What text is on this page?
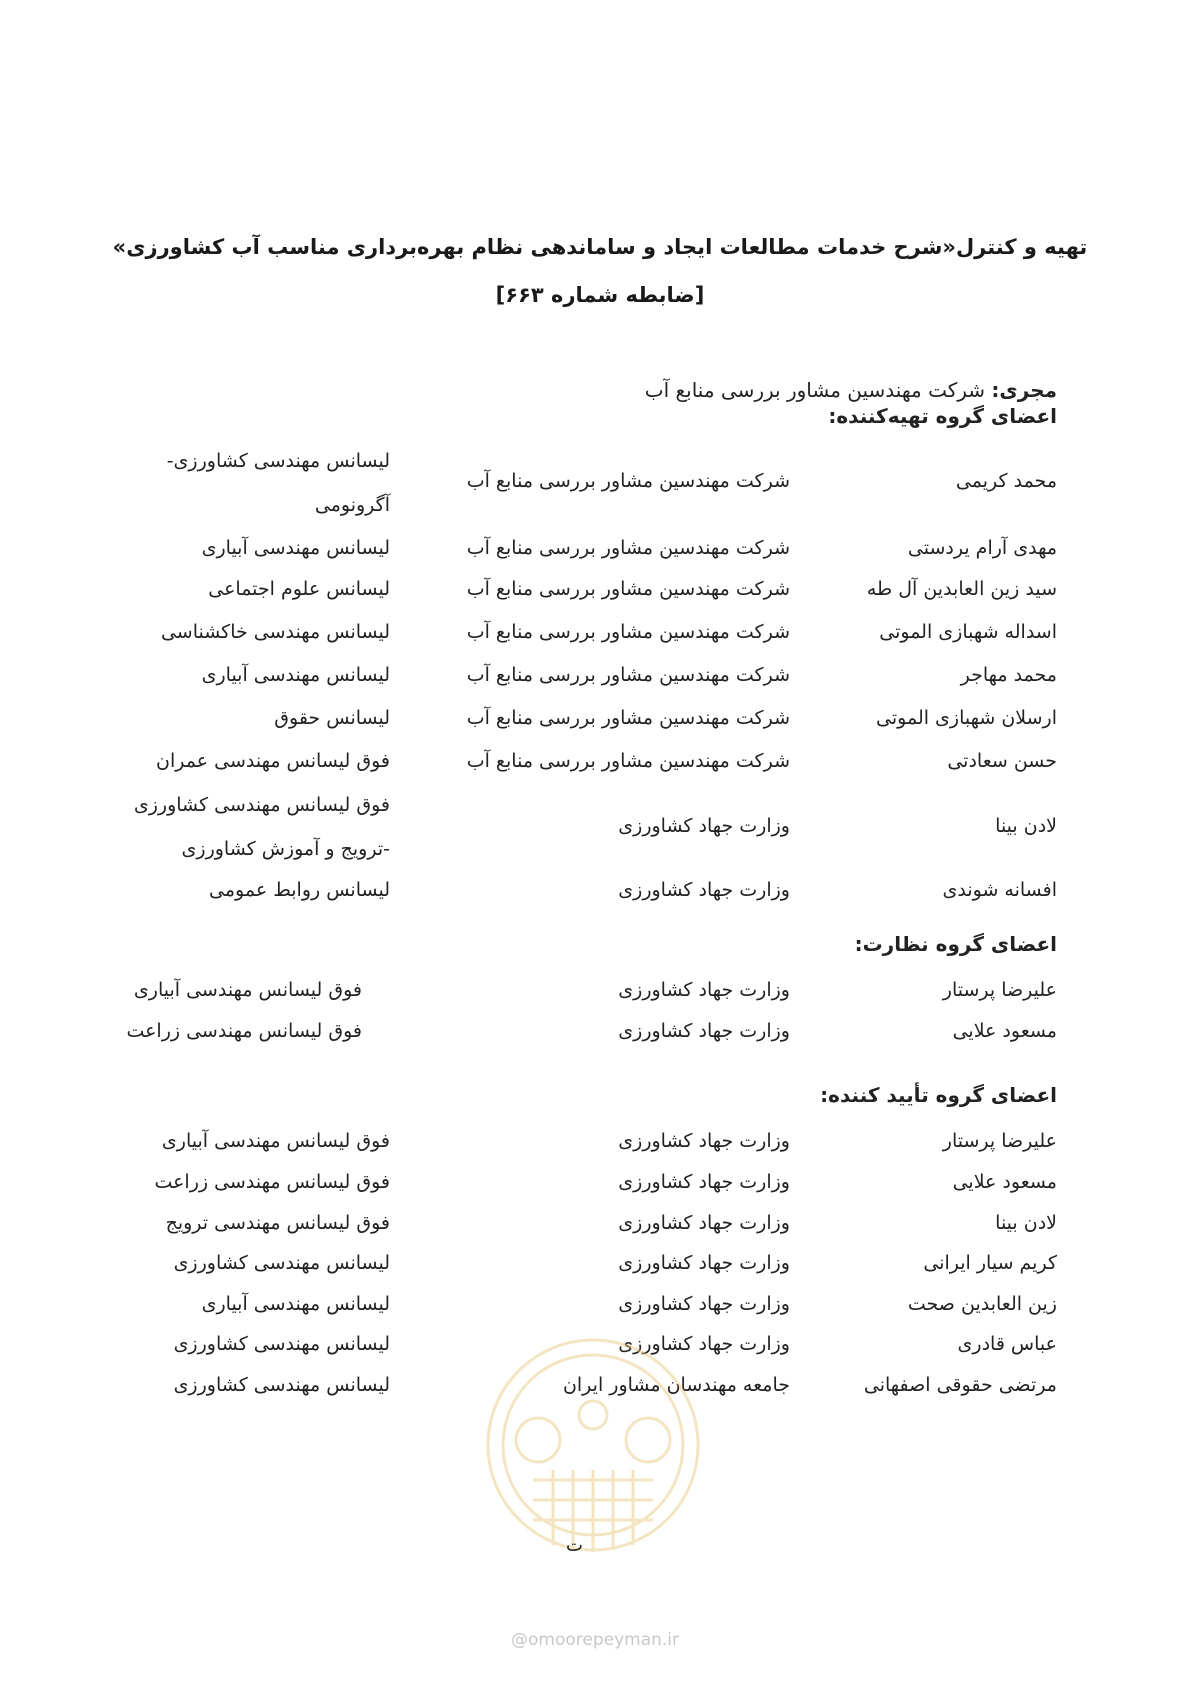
تهیه و کنترل«شرح خدمات مطالعات ایجاد و ساماندهی نظام بهره‌برداری مناسب آب کشاورزی»
[ضابطه شماره ۶۶۳]
مجری: شرکت مهندسین مشاور بررسی منابع آب
اعضای گروه تهیه‌کننده:
محمد کریمی
شرکت مهندسین مشاور بررسی منابع آب
لیسانس مهندسی کشاورزی-
آگرونومی
مهدی آرام یردستی
شرکت مهندسین مشاور بررسی منابع آب
لیسانس مهندسی آبیاری
سید زین العابدین آل طه
شرکت مهندسین مشاور بررسی منابع آب
لیسانس علوم اجتماعی
اسداله شهبازی الموتی
شرکت مهندسین مشاور بررسی منابع آب
لیسانس مهندسی خاکشناسی
محمد مهاجر
شرکت مهندسین مشاور بررسی منابع آب
لیسانس مهندسی آبیاری
ارسلان شهبازی الموتی
شرکت مهندسین مشاور بررسی منابع آب
لیسانس حقوق
حسن سعادتی
شرکت مهندسین مشاور بررسی منابع آب
فوق لیسانس مهندسی عمران
لادن بینا
وزارت جهاد کشاورزی
فوق لیسانس مهندسی کشاورزی
-ترویج و آموزش کشاورزی
افسانه شوندی
وزارت جهاد کشاورزی
لیسانس روابط عمومی
اعضای گروه نظارت:
علیرضا پرستار
وزارت جهاد کشاورزی
فوق لیسانس مهندسی آبیاری
مسعود علایی
وزارت جهاد کشاورزی
فوق لیسانس مهندسی زراعت
اعضای گروه تأیید کننده:
علیرضا پرستار
وزارت جهاد کشاورزی
فوق لیسانس مهندسی آبیاری
مسعود علایی
وزارت جهاد کشاورزی
فوق لیسانس مهندسی زراعت
لادن بینا
وزارت جهاد کشاورزی
فوق لیسانس مهندسی ترویج
کریم سیار ایرانی
وزارت جهاد کشاورزی
لیسانس مهندسی کشاورزی
زین العابدین صحت
وزارت جهاد کشاورزی
لیسانس مهندسی آبیاری
عباس قادری
وزارت جهاد کشاورزی
لیسانس مهندسی کشاورزی
مرتضی حقوقی اصفهانی
جامعه مهندسان مشاور ایران
لیسانس مهندسی کشاورزی
ت
@omoorepeyman.ir
